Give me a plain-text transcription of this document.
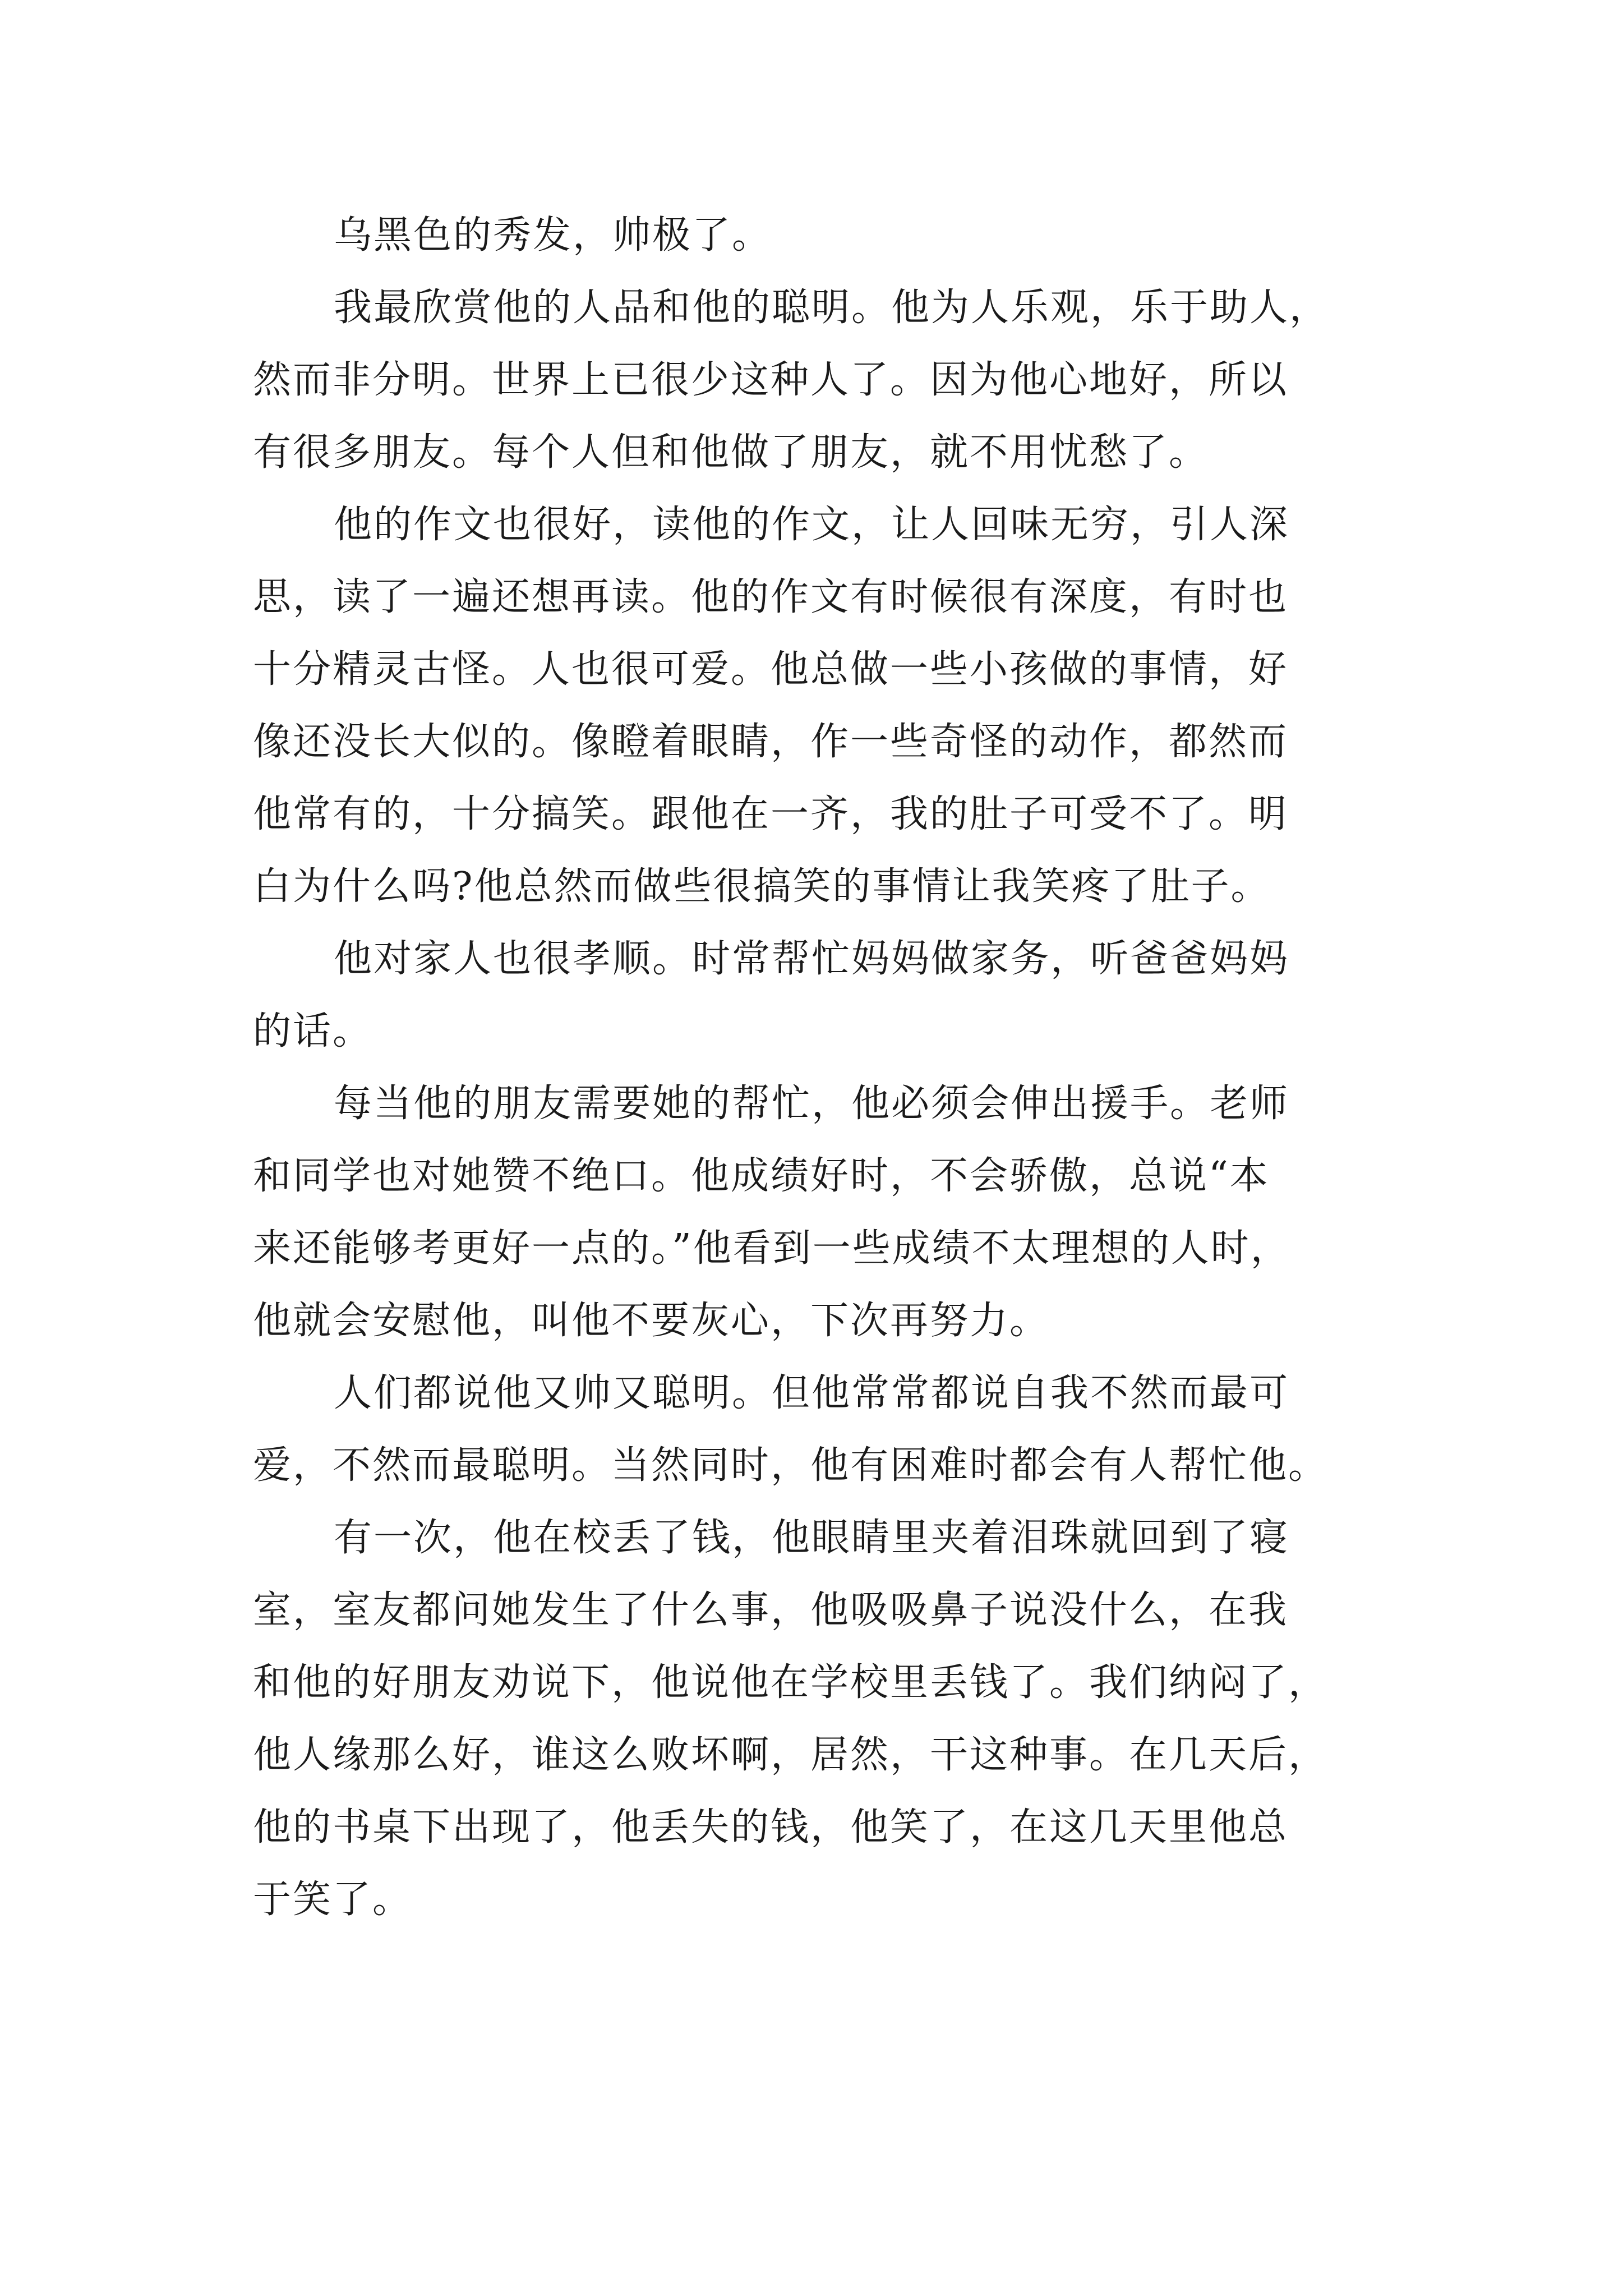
乌黑色的秀发，帅极了。
我最欣赏他的人品和他的聪明。他为人乐观，乐于助人，
然而非分明。世界上已很少这种人了。因为他心地好，所以
有很多朋友。每个人但和他做了朋友，就不用忧愁了。
他的作文也很好，读他的作文，让人回味无穷，引人深
思，读了一遍还想再读。他的作文有时候很有深度，有时也
十分精灵古怪。人也很可爱。他总做一些小孩做的事情，好
像还没长大似的。像瞪着眼睛，作一些奇怪的动作，都然而
他常有的，十分搞笑。跟他在一齐，我的肚子可受不了。明
白为什么吗?他总然而做些很搞笑的事情让我笑疼了肚子。
他对家人也很孝顺。时常帮忙妈妈做家务，听爸爸妈妈
的话。
每当他的朋友需要她的帮忙，他必须会伸出援手。老师
和同学也对她赞不绝口。他成绩好时，不会骄傲，总说“本
来还能够考更好一点的。”他看到一些成绩不太理想的人时，
他就会安慰他，叫他不要灰心，下次再努力。
人们都说他又帅又聪明。但他常常都说自我不然而最可
爱，不然而最聪明。当然同时，他有困难时都会有人帮忙他。
有一次，他在校丢了钱，他眼睛里夹着泪珠就回到了寝
室，室友都问她发生了什么事，他吸吸鼻子说没什么，在我
和他的好朋友劝说下，他说他在学校里丢钱了。我们纳闷了，
他人缘那么好，谁这么败坏啊，居然，干这种事。在几天后，
他的书桌下出现了，他丢失的钱，他笑了，在这几天里他总
于笑了。
